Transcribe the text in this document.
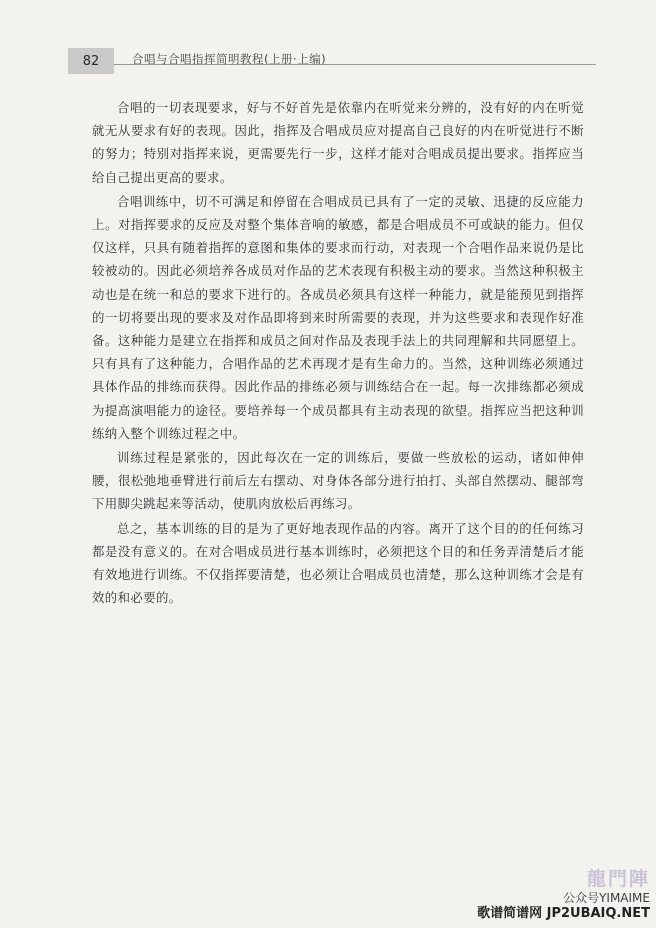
82	合唱与合唱指挥简明教程(上册·上编)

合唱的一切表现要求，好与不好首先是依靠内在听觉来分辨的，没有好的内在听觉就无从要求有好的表现。因此，指挥及合唱成员应对提高自己良好的内在听觉进行不断的努力；特别对指挥来说，更需要先行一步，这样才能对合唱成员提出要求。指挥应当给自己提出更高的要求。

合唱训练中，切不可满足和停留在合唱成员已具有了一定的灵敏、迅捷的反应能力上。对指挥要求的反应及对整个集体音响的敏感，都是合唱成员不可或缺的能力。但仅仅这样，只具有随着指挥的意图和集体的要求而行动，对表现一个合唱作品来说仍是比较被动的。因此必须培养各成员对作品的艺术表现有积极主动的要求。当然这种积极主动也是在统一和总的要求下进行的。各成员必须具有这样一种能力，就是能预见到指挥的一切将要出现的要求及对作品即将到来时所需要的表现，并为这些要求和表现作好准备。这种能力是建立在指挥和成员之间对作品及表现手法上的共同理解和共同愿望上。只有具有了这种能力，合唱作品的艺术再现才是有生命力的。当然，这种训练必须通过具体作品的排练而获得。因此作品的排练必须与训练结合在一起。每一次排练都必须成为提高演唱能力的途径。要培养每一个成员都具有主动表现的欲望。指挥应当把这种训练纳入整个训练过程之中。

训练过程是紧张的，因此每次在一定的训练后，要做一些放松的运动，诸如伸伸腰，很松弛地垂臂进行前后左右摆动、对身体各部分进行拍打、头部自然摆动、腿部弯下用脚尖跳起来等活动，使肌肉放松后再练习。

总之，基本训练的目的是为了更好地表现作品的内容。离开了这个目的的任何练习都是没有意义的。在对合唱成员进行基本训练时，必须把这个目的和任务弄清楚后才能有效地进行训练。不仅指挥要清楚，也必须让合唱成员也清楚，那么这种训练才会是有效的和必要的。

龍門陣
公众号YIMAIME
歌谱简谱网 JP2UBAIQ.NET
